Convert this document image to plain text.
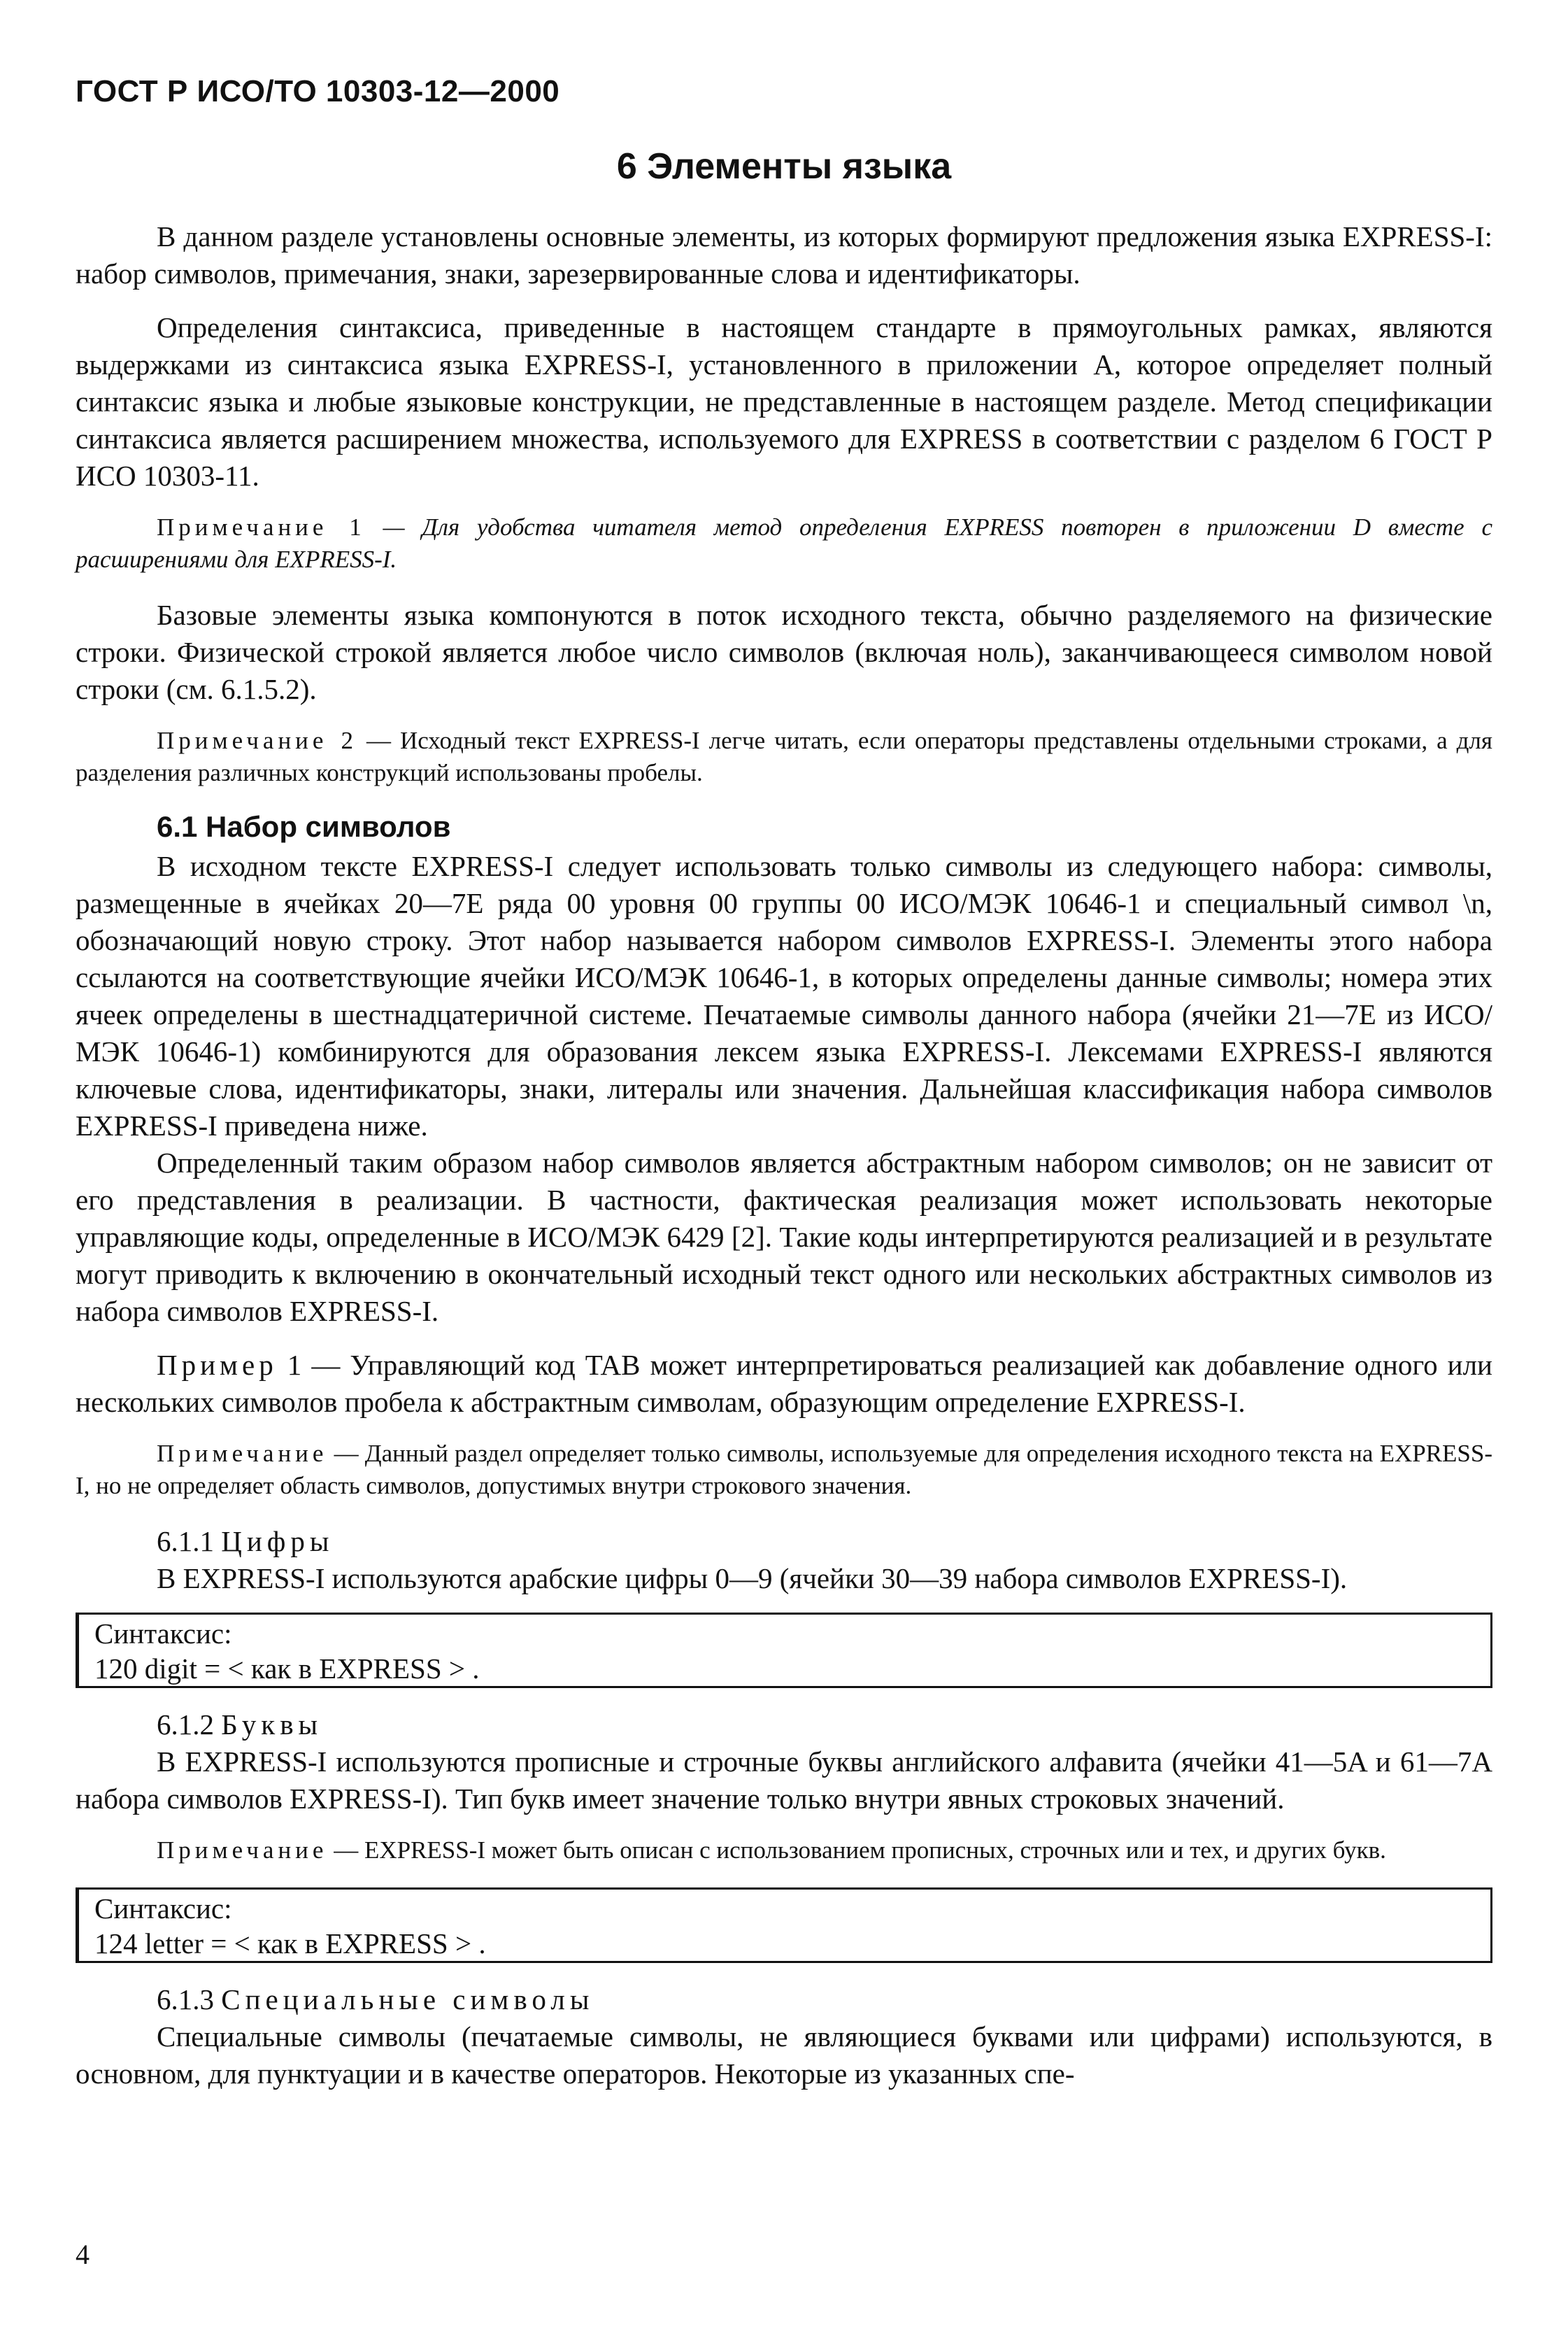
ГОСТ Р ИСО/ТО 10303-12—2000
6 Элементы языка

В данном разделе установлены основные элементы, из которых формируют предложения языка EXPRESS-I: набор символов, примечания, знаки, зарезервированные слова и идентификаторы.

Определения синтаксиса, приведенные в настоящем стандарте в прямоугольных рамках, являются выдержками из синтаксиса языка EXPRESS-I, установленного в приложении А, которое определяет полный синтаксис языка и любые языковые конструкции, не представленные в настоящем разделе. Метод спецификации синтаксиса является расширением множества, используемого для EXPRESS в соответствии с разделом 6 ГОСТ Р ИСО 10303-11.

Примечание 1 — Для удобства читателя метод определения EXPRESS повторен в приложении D вместе с расширениями для EXPRESS-I.

Базовые элементы языка компонуются в поток исходного текста, обычно разделяемого на физические строки. Физической строкой является любое число символов (включая ноль), заканчивающееся символом новой строки (см. 6.1.5.2).

Примечание 2 — Исходный текст EXPRESS-I легче читать, если операторы представлены отдельными строками, а для разделения различных конструкций использованы пробелы.

6.1 Набор символов

В исходном тексте EXPRESS-I следует использовать только символы из следующего набора: символы, размещенные в ячейках 20—7E ряда 00 уровня 00 группы 00 ИСО/МЭК 10646-1 и специальный символ \n, обозначающий новую строку. Этот набор называется набором символов EXPRESS-I. Элементы этого набора ссылаются на соответствующие ячейки ИСО/МЭК 10646-1, в которых определены данные символы; номера этих ячеек определены в шестнадцатеричной системе. Печатаемые символы данного набора (ячейки 21—7E из ИСО/МЭК 10646-1) комбинируются для образования лексем языка EXPRESS-I. Лексемами EXPRESS-I являются ключевые слова, идентификаторы, знаки, литералы или значения. Дальнейшая классификация набора символов EXPRESS-I приведена ниже.

Определенный таким образом набор символов является абстрактным набором символов; он не зависит от его представления в реализации. В частности, фактическая реализация может использовать некоторые управляющие коды, определенные в ИСО/МЭК 6429 [2]. Такие коды интерпретируются реализацией и в результате могут приводить к включению в окончательный исходный текст одного или нескольких абстрактных символов из набора символов EXPRESS-I.

Пример 1 — Управляющий код TAB может интерпретироваться реализацией как добавление одного или нескольких символов пробела к абстрактным символам, образующим определение EXPRESS-I.

Примечание — Данный раздел определяет только символы, используемые для определения исходного текста на EXPRESS-I, но не определяет область символов, допустимых внутри строкового значения.

6.1.1 Цифры

В EXPRESS-I используются арабские цифры 0—9 (ячейки 30—39 набора символов EXPRESS-I).

Синтаксис:
120 digit = < как в EXPRESS > .
6.1.2 Буквы

В EXPRESS-I используются прописные и строчные буквы английского алфавита (ячейки 41—5A и 61—7A набора символов EXPRESS-I). Тип букв имеет значение только внутри явных строковых значений.

Примечание — EXPRESS-I может быть описан с использованием прописных, строчных или и тех, и других букв.

Синтаксис:
124 letter = < как в EXPRESS > .
6.1.3 Специальные символы

Специальные символы (печатаемые символы, не являющиеся буквами или цифрами) используются, в основном, для пунктуации и в качестве операторов. Некоторые из указанных спе-

4
